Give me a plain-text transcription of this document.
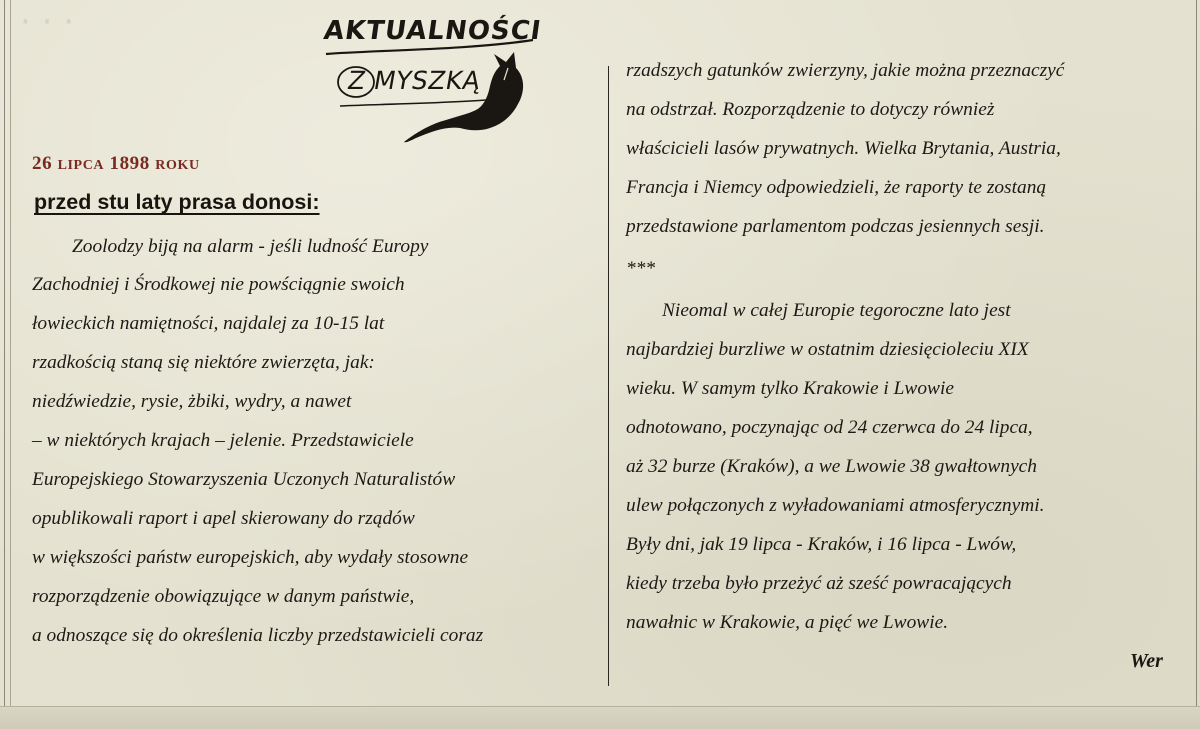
· · ·	AKTUALNOŚCI
Z MYSZKĄ
26 lipca 1898 roku
przed stu laty prasa donosi:
Zoolodzy biją na alarm - jeśli ludność Europy
Zachodniej i Środkowej nie powściągnie swoich
łowieckich namiętności, najdalej za 10-15 lat
rzadkością staną się niektóre zwierzęta, jak:
niedźwiedzie, rysie, żbiki, wydry, a nawet
– w niektórych krajach – jelenie. Przedstawiciele
Europejskiego Stowarzyszenia Uczonych Naturalistów
opublikowali raport i apel skierowany do rządów
w większości państw europejskich, aby wydały stosowne
rozporządzenie obowiązujące w danym państwie,
a odnoszące się do określenia liczby przedstawicieli coraz
rzadszych gatunków zwierzyny, jakie można przeznaczyć
na odstrzał. Rozporządzenie to dotyczy również
właścicieli lasów prywatnych. Wielka Brytania, Austria,
Francja i Niemcy odpowiedzieli, że raporty te zostaną
przedstawione parlamentom podczas jesiennych sesji.
***
Nieomal w całej Europie tegoroczne lato jest
najbardziej burzliwe w ostatnim dziesięcioleciu XIX
wieku. W samym tylko Krakowie i Lwowie
odnotowano, poczynając od 24 czerwca do 24 lipca,
aż 32 burze (Kraków), a we Lwowie 38 gwałtownych
ulew połączonych z wyładowaniami atmosferycznymi.
Były dni, jak 19 lipca - Kraków, i 16 lipca - Lwów,
kiedy trzeba było przeżyć aż sześć powracających
nawałnic w Krakowie, a pięć we Lwowie.
Wer
